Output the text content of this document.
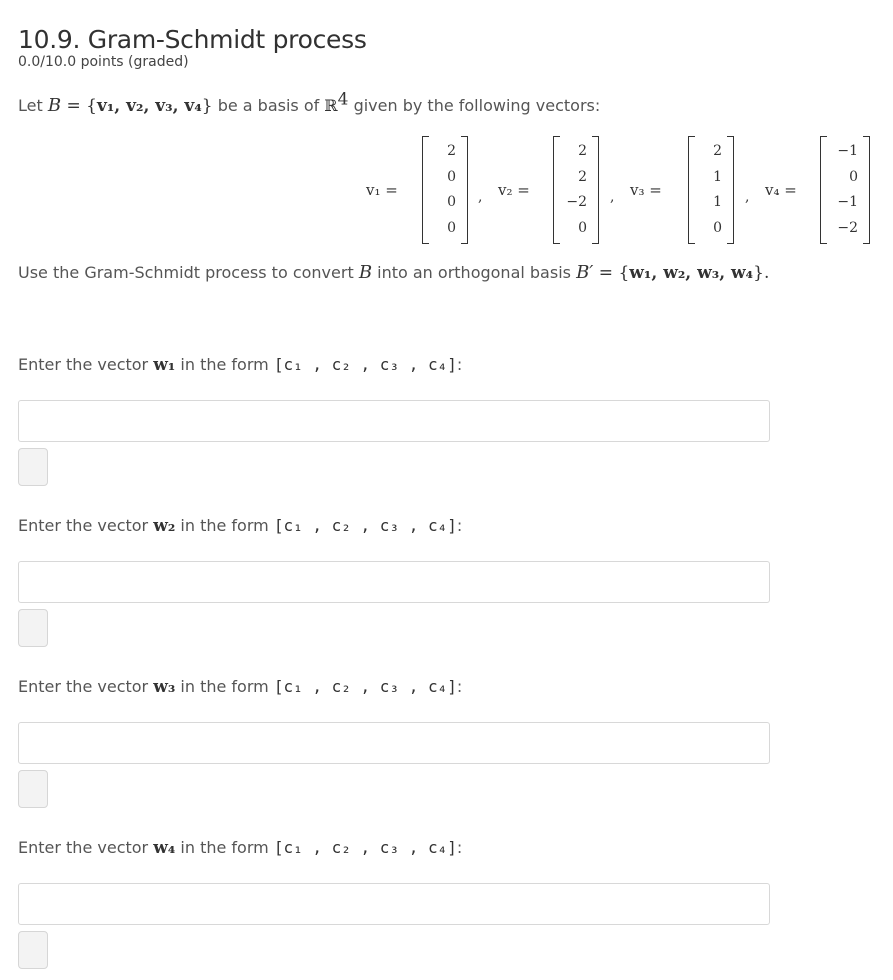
10.9. Gram-Schmidt process
0.0/10.0 points (graded)
Let B = {v₁, v₂, v₃, v₄} be a basis of ℝ$^4$ given by the following vectors:
v₁ =
2
0
0
0
, v₂ =
2
2
−2
0
, v₃ =
2
1
1
0
, v₄ =
−1
0
−1
−2
Use the Gram-Schmidt process to convert B into an orthogonal basis B′ = {w₁, w₂, w₃, w₄}.
Enter the vector w₁ in the form [c₁ , c₂ , c₃ , c₄]:
Enter the vector w₂ in the form [c₁ , c₂ , c₃ , c₄]:
Enter the vector w₃ in the form [c₁ , c₂ , c₃ , c₄]:
Enter the vector w₄ in the form [c₁ , c₂ , c₃ , c₄]:
